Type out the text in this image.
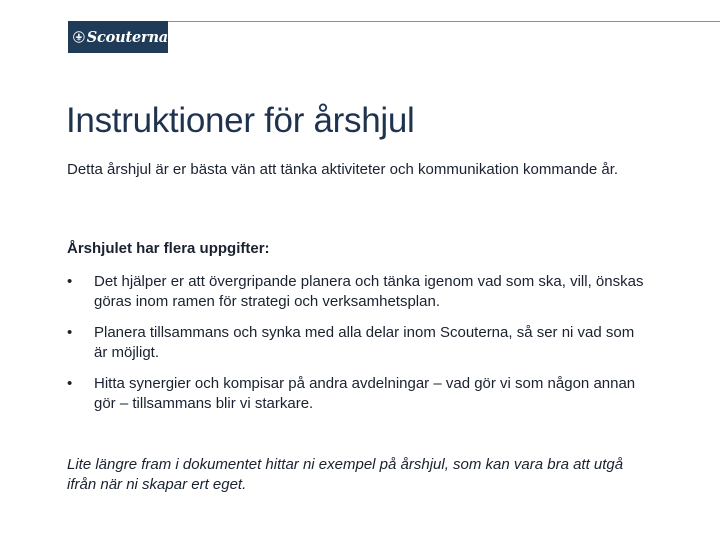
Scouterna
Instruktioner för årshjul

Detta årshjul är er bästa vän att tänka aktiviteter och kommunikation kommande år.

Årshjulet har flera uppgifter:

• Det hjälper er att övergripande planera och tänka igenom vad som ska, vill, önskas göras inom ramen för strategi och verksamhetsplan.
• Planera tillsammans och synka med alla delar inom Scouterna, så ser ni vad som är möjligt.
• Hitta synergier och kompisar på andra avdelningar – vad gör vi som någon annan gör – tillsammans blir vi starkare.

Lite längre fram i dokumentet hittar ni exempel på årshjul, som kan vara bra att utgå ifrån när ni skapar ert eget.
